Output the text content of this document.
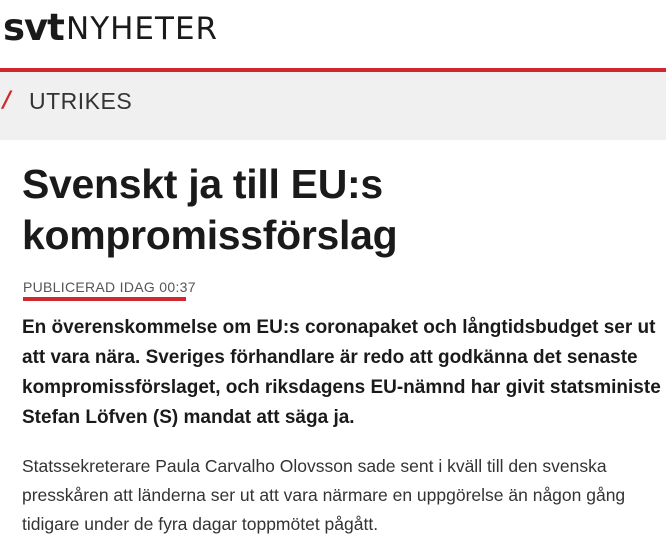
svt NYHETER
/ UTRIKES
Svenskt ja till EU:s
kompromissförslag
PUBLICERAD IDAG 00:37

En överenskommelse om EU:s coronapaket och långtidsbudget ser ut
att vara nära. Sveriges förhandlare är redo att godkänna det senaste
kompromissförslaget, och riksdagens EU-nämnd har givit statsministe
Stefan Löfven (S) mandat att säga ja.

Statssekreterare Paula Carvalho Olovsson sade sent i kväll till den svenska
presskåren att länderna ser ut att vara närmare en uppgörelse än någon gång
tidigare under de fyra dagar toppmötet pågått.
